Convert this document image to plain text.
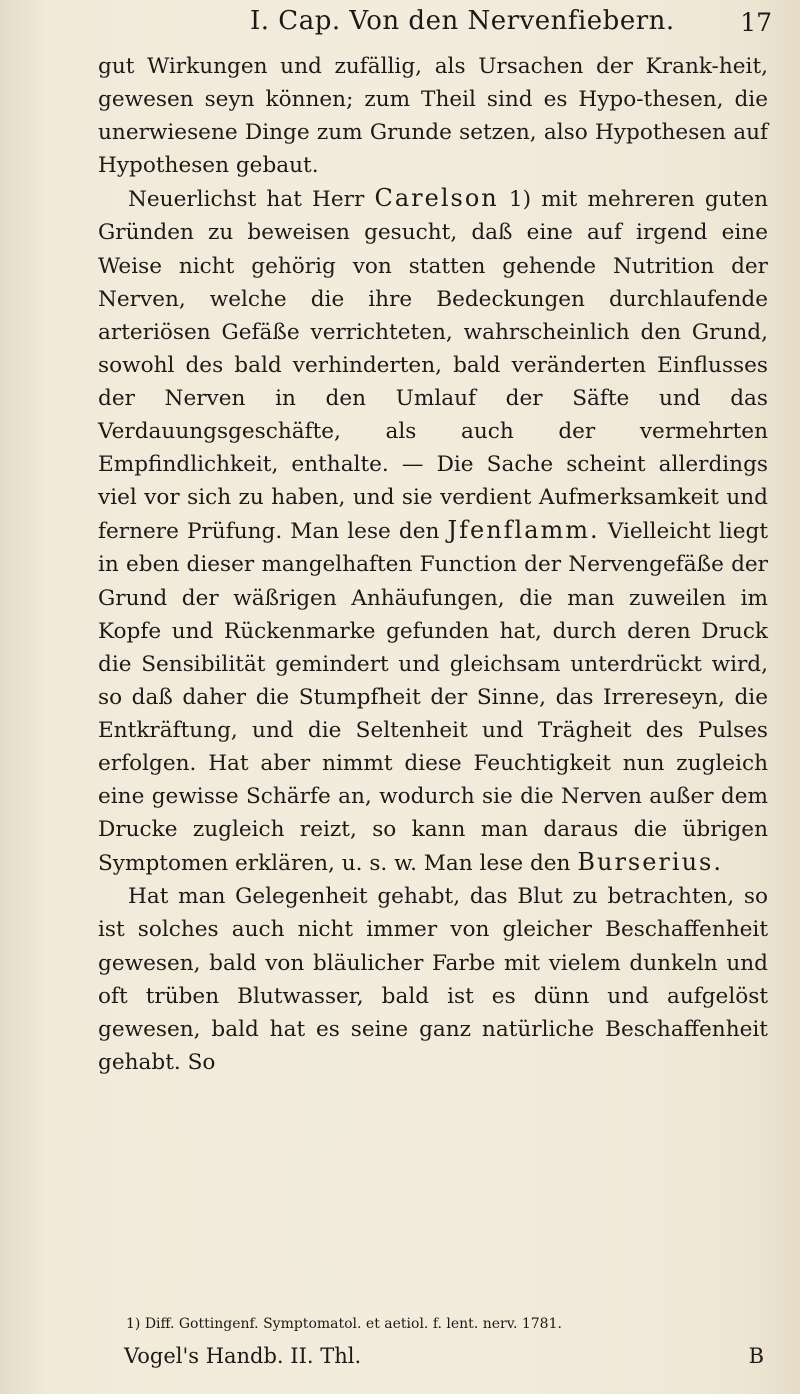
I. Cap. Von den Nervenfiebern.	17

gut Wirkungen und zufällig, als Ursachen der Krank-heit, gewesen seyn können; zum Theil sind es Hypo-thesen, die unerwiesene Dinge zum Grunde setzen, also Hypothesen auf Hypothesen gebaut.

Neuerlichst hat Herr Carelson 1) mit mehreren guten Gründen zu beweisen gesucht, daß eine auf irgend eine Weise nicht gehörig von statten gehende Nutrition der Nerven, welche die ihre Bedeckungen durchlaufende arteriösen Gefäße verrichteten, wahrscheinlich den Grund, sowohl des bald verhinderten, bald veränderten Einflusses der Nerven in den Umlauf der Säfte und das Verdauungsgeschäfte, als auch der vermehrten Empfindlichkeit, enthalte. — Die Sache scheint allerdings viel vor sich zu haben, und sie verdient Aufmerksamkeit und fernere Prüfung. Man lese den Jfenflamm. Vielleicht liegt in eben dieser mangelhaften Function der Nervengefäße der Grund der wäßrigen Anhäufungen, die man zuweilen im Kopfe und Rückenmarke gefunden hat, durch deren Druck die Sensibilität gemindert und gleichsam unterdrückt wird, so daß daher die Stumpfheit der Sinne, das Irrereseyn, die Entkräftung, und die Seltenheit und Trägheit des Pulses erfolgen. Hat aber nimmt diese Feuchtigkeit nun zugleich eine gewisse Schärfe an, wodurch sie die Nerven außer dem Drucke zugleich reizt, so kann man daraus die übrigen Symptomen erklären, u. s. w. Man lese den Burserius.

Hat man Gelegenheit gehabt, das Blut zu betrachten, so ist solches auch nicht immer von gleicher Beschaffenheit gewesen, bald von bläulicher Farbe mit vielem dunkeln und oft trüben Blutwasser, bald ist es dünn und aufgelöst gewesen, bald hat es seine ganz natürliche Beschaffenheit gehabt. So

1) Diff. Gottingenf. Symptomatol. et aetiol. f. lent. nerv. 1781.
Vogel's Handb. II. Thl.	B
